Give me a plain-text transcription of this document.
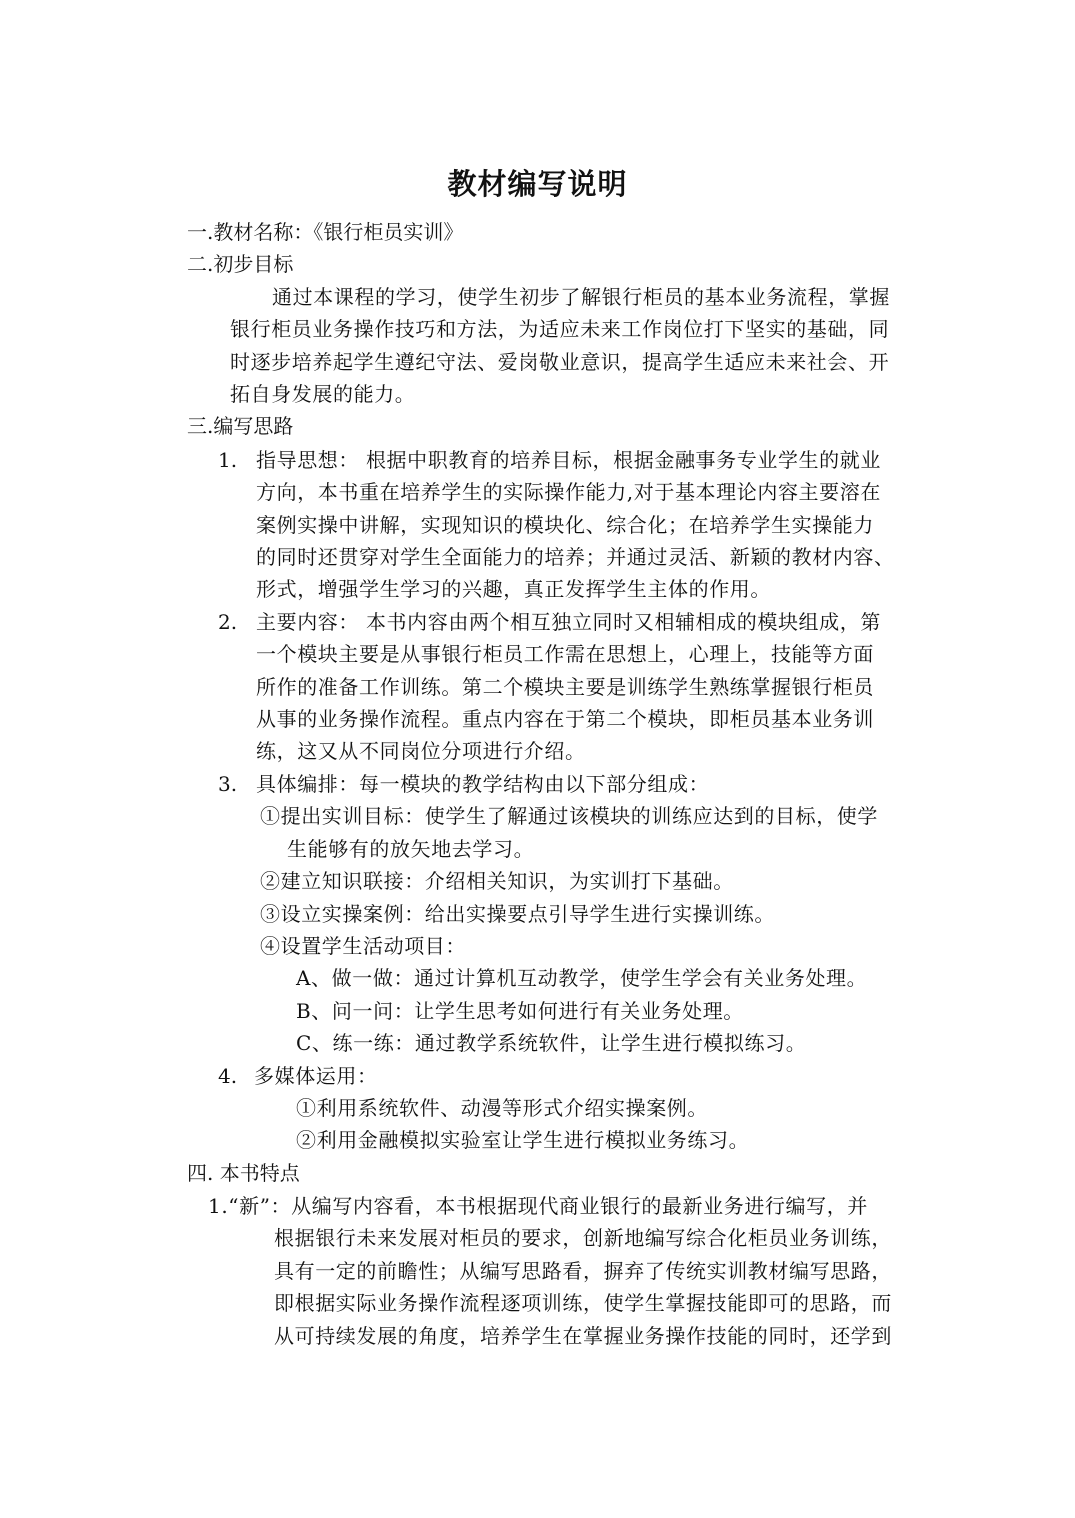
教材编写说明
一.教材名称：《银行柜员实训》
二.初步目标
通过本课程的学习，使学生初步了解银行柜员的基本业务流程，掌握
银行柜员业务操作技巧和方法，为适应未来工作岗位打下坚实的基础，同
时逐步培养起学生遵纪守法、爱岗敬业意识，提高学生适应未来社会、开
拓自身发展的能力。
三.编写思路
1. 指导思想： 根据中职教育的培养目标，根据金融事务专业学生的就业
方向，本书重在培养学生的实际操作能力,对于基本理论内容主要溶在
案例实操中讲解，实现知识的模块化、综合化；在培养学生实操能力
的同时还贯穿对学生全面能力的培养；并通过灵活、新颖的教材内容、
形式，增强学生学习的兴趣，真正发挥学生主体的作用。
2. 主要内容： 本书内容由两个相互独立同时又相辅相成的模块组成，第
一个模块主要是从事银行柜员工作需在思想上，心理上，技能等方面
所作的准备工作训练。第二个模块主要是训练学生熟练掌握银行柜员
从事的业务操作流程。重点内容在于第二个模块，即柜员基本业务训
练，这又从不同岗位分项进行介绍。
3. 具体编排：每一模块的教学结构由以下部分组成：
①提出实训目标：使学生了解通过该模块的训练应达到的目标，使学
生能够有的放矢地去学习。
②建立知识联接：介绍相关知识，为实训打下基础。
③设立实操案例：给出实操要点引导学生进行实操训练。
④设置学生活动项目：
A、做一做：通过计算机互动教学，使学生学会有关业务处理。
B、问一问：让学生思考如何进行有关业务处理。
C、练一练：通过教学系统软件，让学生进行模拟练习。
4. 多媒体运用：
①利用系统软件、动漫等形式介绍实操案例。
②利用金融模拟实验室让学生进行模拟业务练习。
四. 本书特点
1.“新”：从编写内容看，本书根据现代商业银行的最新业务进行编写，并
根据银行未来发展对柜员的要求，创新地编写综合化柜员业务训练，
具有一定的前瞻性；从编写思路看，摒弃了传统实训教材编写思路，
即根据实际业务操作流程逐项训练，使学生掌握技能即可的思路，而
从可持续发展的角度，培养学生在掌握业务操作技能的同时，还学到
